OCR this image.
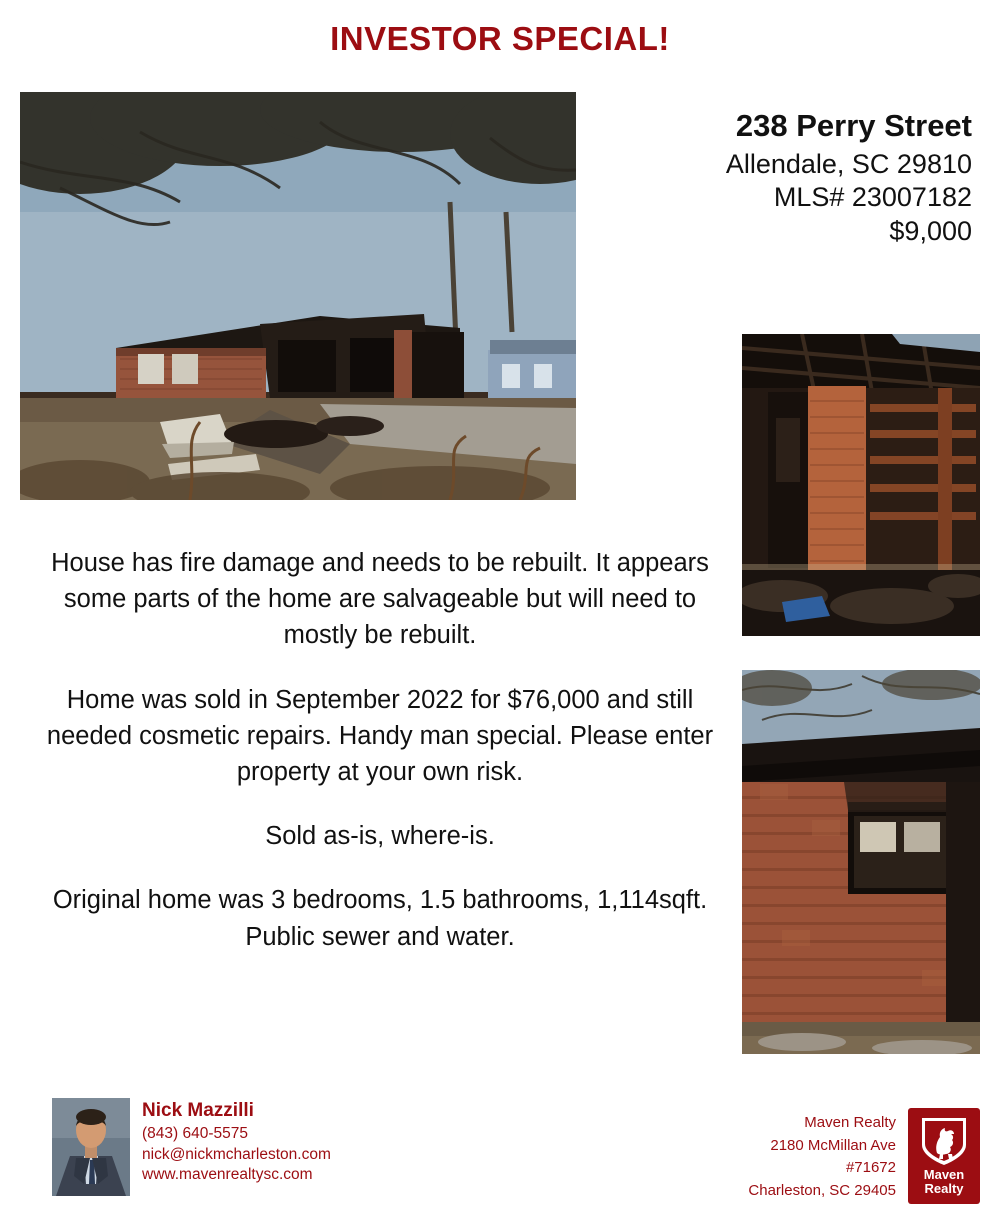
INVESTOR SPECIAL!
238 Perry Street
Allendale, SC 29810
MLS# 23007182
$9,000

House has fire damage and needs to be rebuilt. It appears some parts of the home are salvageable but will need to mostly be rebuilt.

Home was sold in September 2022 for $76,000 and still needed cosmetic repairs. Handy man special. Please enter property at your own risk.

Sold as-is, where-is.

Original home was 3 bedrooms, 1.5 bathrooms, 1,114sqft. Public sewer and water.

Nick Mazzilli
(843) 640-5575
nick@nickmcharleston.com
www.mavenrealtysc.com
Maven Realty
2180 McMillan Ave
#71672
Charleston, SC 29405
Maven
Realty
